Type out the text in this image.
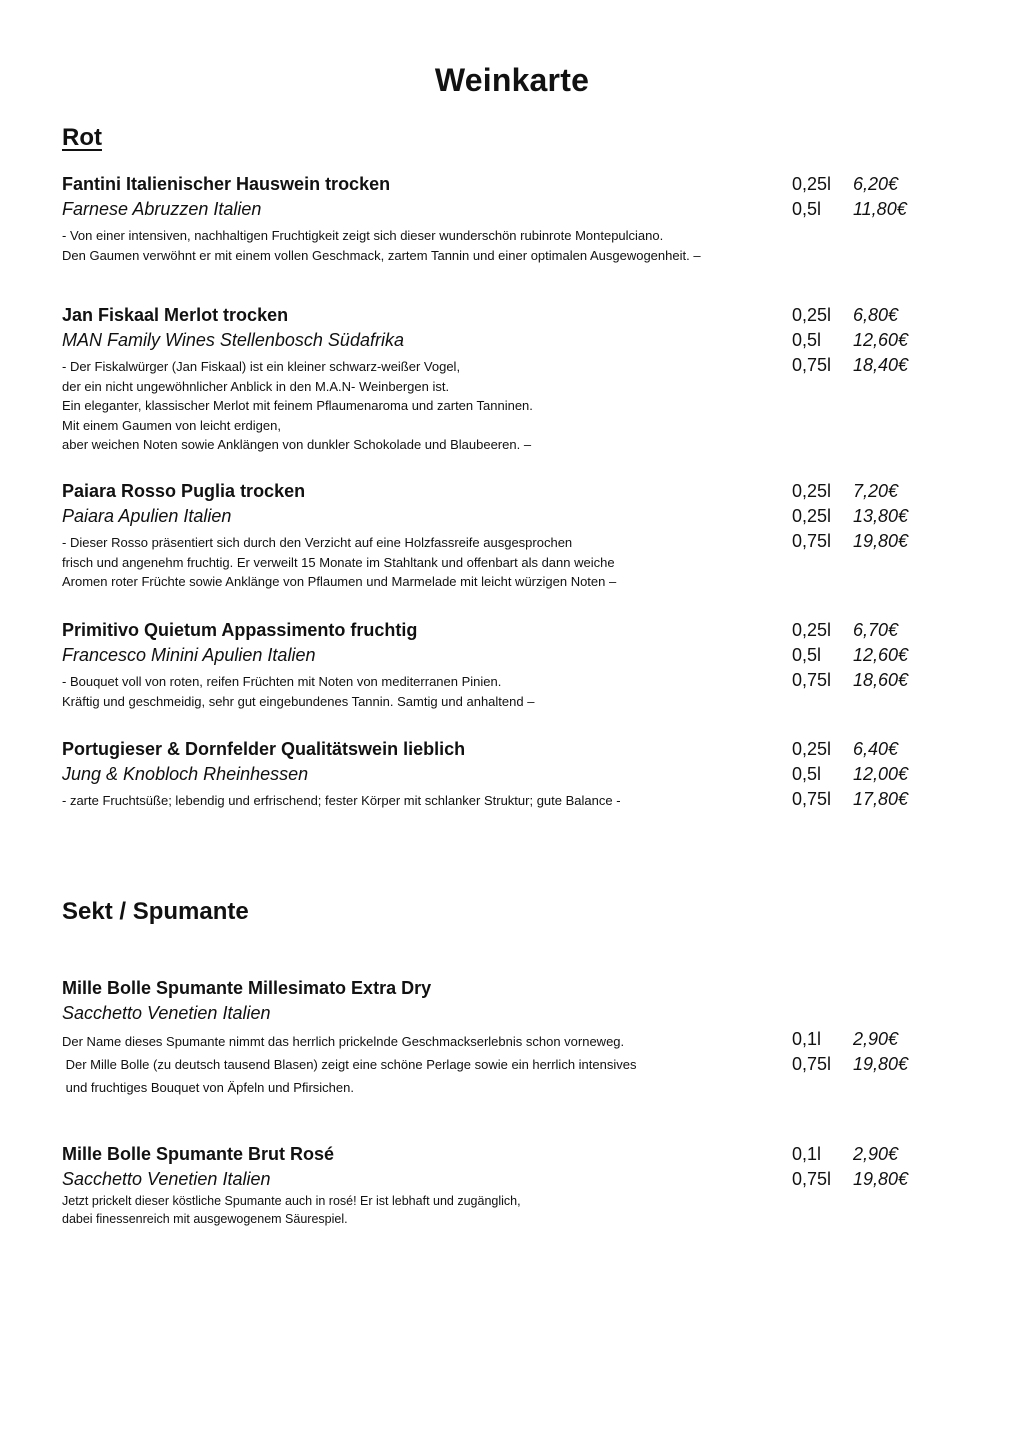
Weinkarte
Rot
Fantini Italienischer Hauswein trocken
Farnese Abruzzen Italien
- Von einer intensiven, nachhaltigen Fruchtigkeit zeigt sich dieser wunderschön rubinrote Montepulciano.
Den Gaumen verwöhnt er mit einem vollen Geschmack, zartem Tannin und einer optimalen Ausgewogenheit. –
0,25l 6,20€
0,5l 11,80€
Jan Fiskaal Merlot trocken
MAN Family Wines Stellenbosch Südafrika
- Der Fiskalwürger (Jan Fiskaal) ist ein kleiner schwarz-weißer Vogel,
der ein nicht ungewöhnlicher Anblick in den M.A.N- Weinbergen ist.
Ein eleganter, klassischer Merlot mit feinem Pflaumenaroma und zarten Tanninen.
Mit einem Gaumen von leicht erdigen,
aber weichen Noten sowie Anklängen von dunkler Schokolade und Blaubeeren. –
0,25l 6,80€
0,5l 12,60€
0,75l 18,40€
Paiara Rosso Puglia trocken
Paiara Apulien Italien
- Dieser Rosso präsentiert sich durch den Verzicht auf eine Holzfassreife ausgesprochen
frisch und angenehm fruchtig. Er verweilt 15 Monate im Stahltank und offenbart als dann weiche
Aromen roter Früchte sowie Anklänge von Pflaumen und Marmelade mit leicht würzigen Noten –
0,25l 7,20€
0,25l 13,80€
0,75l 19,80€
Primitivo Quietum Appassimento fruchtig
Francesco Minini Apulien Italien
- Bouquet voll von roten, reifen Früchten mit Noten von mediterranen Pinien.
Kräftig und geschmeidig, sehr gut eingebundenes Tannin. Samtig und anhaltend –
0,25l 6,70€
0,5l 12,60€
0,75l 18,60€
Portugieser & Dornfelder Qualitätswein lieblich
Jung & Knobloch Rheinhessen
- zarte Fruchtsüße; lebendig und erfrischend; fester Körper mit schlanker Struktur; gute Balance -
0,25l 6,40€
0,5l 12,00€
0,75l 17,80€
Sekt / Spumante
Mille Bolle Spumante Millesimato Extra Dry
Sacchetto Venetien Italien
Der Name dieses Spumante nimmt das herrlich prickelnde Geschmackserlebnis schon vorneweg.
Der Mille Bolle (zu deutsch tausend Blasen) zeigt eine schöne Perlage sowie ein herrlich intensives
und fruchtiges Bouquet von Äpfeln und Pfirsichen.
0,1l 2,90€
0,75l 19,80€
Mille Bolle Spumante Brut Rosé
Sacchetto Venetien Italien
Jetzt prickelt dieser köstliche Spumante auch in rosé! Er ist lebhaft und zugänglich,
dabei finessenreich mit ausgewogenem Säurespiel.
0,1l 2,90€
0,75l 19,80€
